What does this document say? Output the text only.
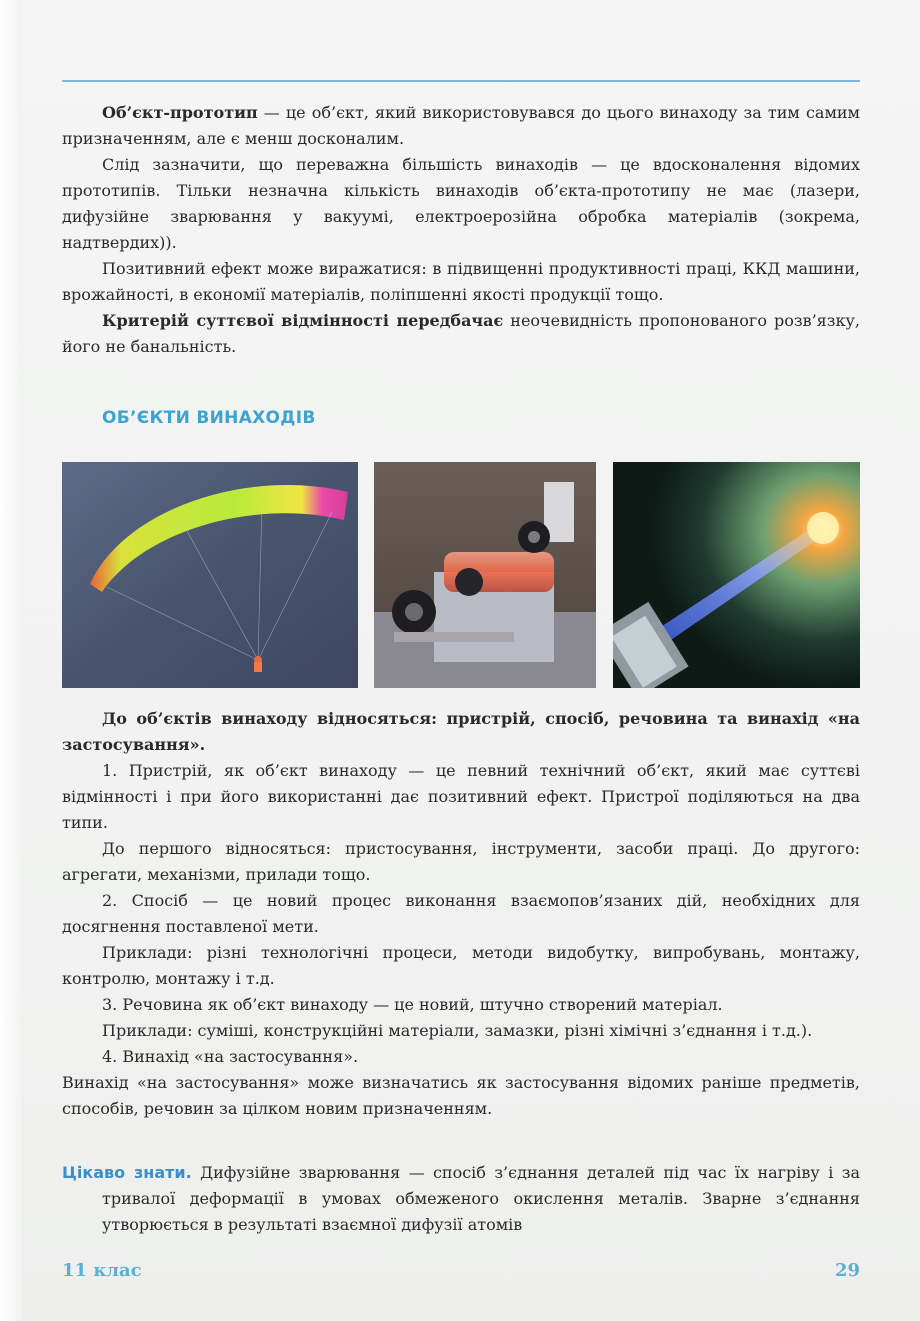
Об’єкт-прототип — це об’єкт, який використовувався до цього винаходу за тим самим призначенням, але є менш досконалим.

Слід зазначити, що переважна більшість винаходів — це вдосконалення відомих прототипів. Тільки незначна кількість винаходів об’єкта-прототипу не має (лазери, дифузійне зварювання у вакуумі, електроерозійна обробка матеріалів (зокрема, надтвердих)).

Позитивний ефект може виражатися: в підвищенні продуктивності праці, ККД машини, врожайності, в економії матеріалів, поліпшенні якості продукції тощо.

Критерій суттєвої відмінності передбачає неочевидність пропонованого розв’язку, його не банальність.

ОБ’ЄКТИ ВИНАХОДІВ

До об’єктів винаходу відносяться: пристрій, спосіб, речовина та винахід «на застосування».

1. Пристрій, як об’єкт винаходу — це певний технічний об’єкт, який має суттєві відмінності і при його використанні дає позитивний ефект. Пристрої поділяються на два типи.

До першого відносяться: пристосування, інструменти, засоби праці. До другого: агрегати, механізми, прилади тощо.

2. Спосіб — це новий процес виконання взаємопов’язаних дій, необхідних для досягнення поставленої мети.

Приклади: різні технологічні процеси, методи видобутку, випробувань, монтажу, контролю, монтажу і т.д.

3. Речовина як об’єкт винаходу — це новий, штучно створений матеріал.

Приклади: суміші, конструкційні матеріали, замазки, різні хімічні з’єднання і т.д.).

4. Винахід «на застосування».

Винахід «на застосування» може визначатись як застосування відомих раніше предметів, способів, речовин за цілком новим призначенням.

Цікаво знати. Дифузійне зварювання — спосіб з’єднання деталей під час їх нагріву і за тривалої деформації в умовах обмеженого окислення металів. Зварне з’єднання утворюється в результаті взаємної дифузії атомів

11 клас	29
